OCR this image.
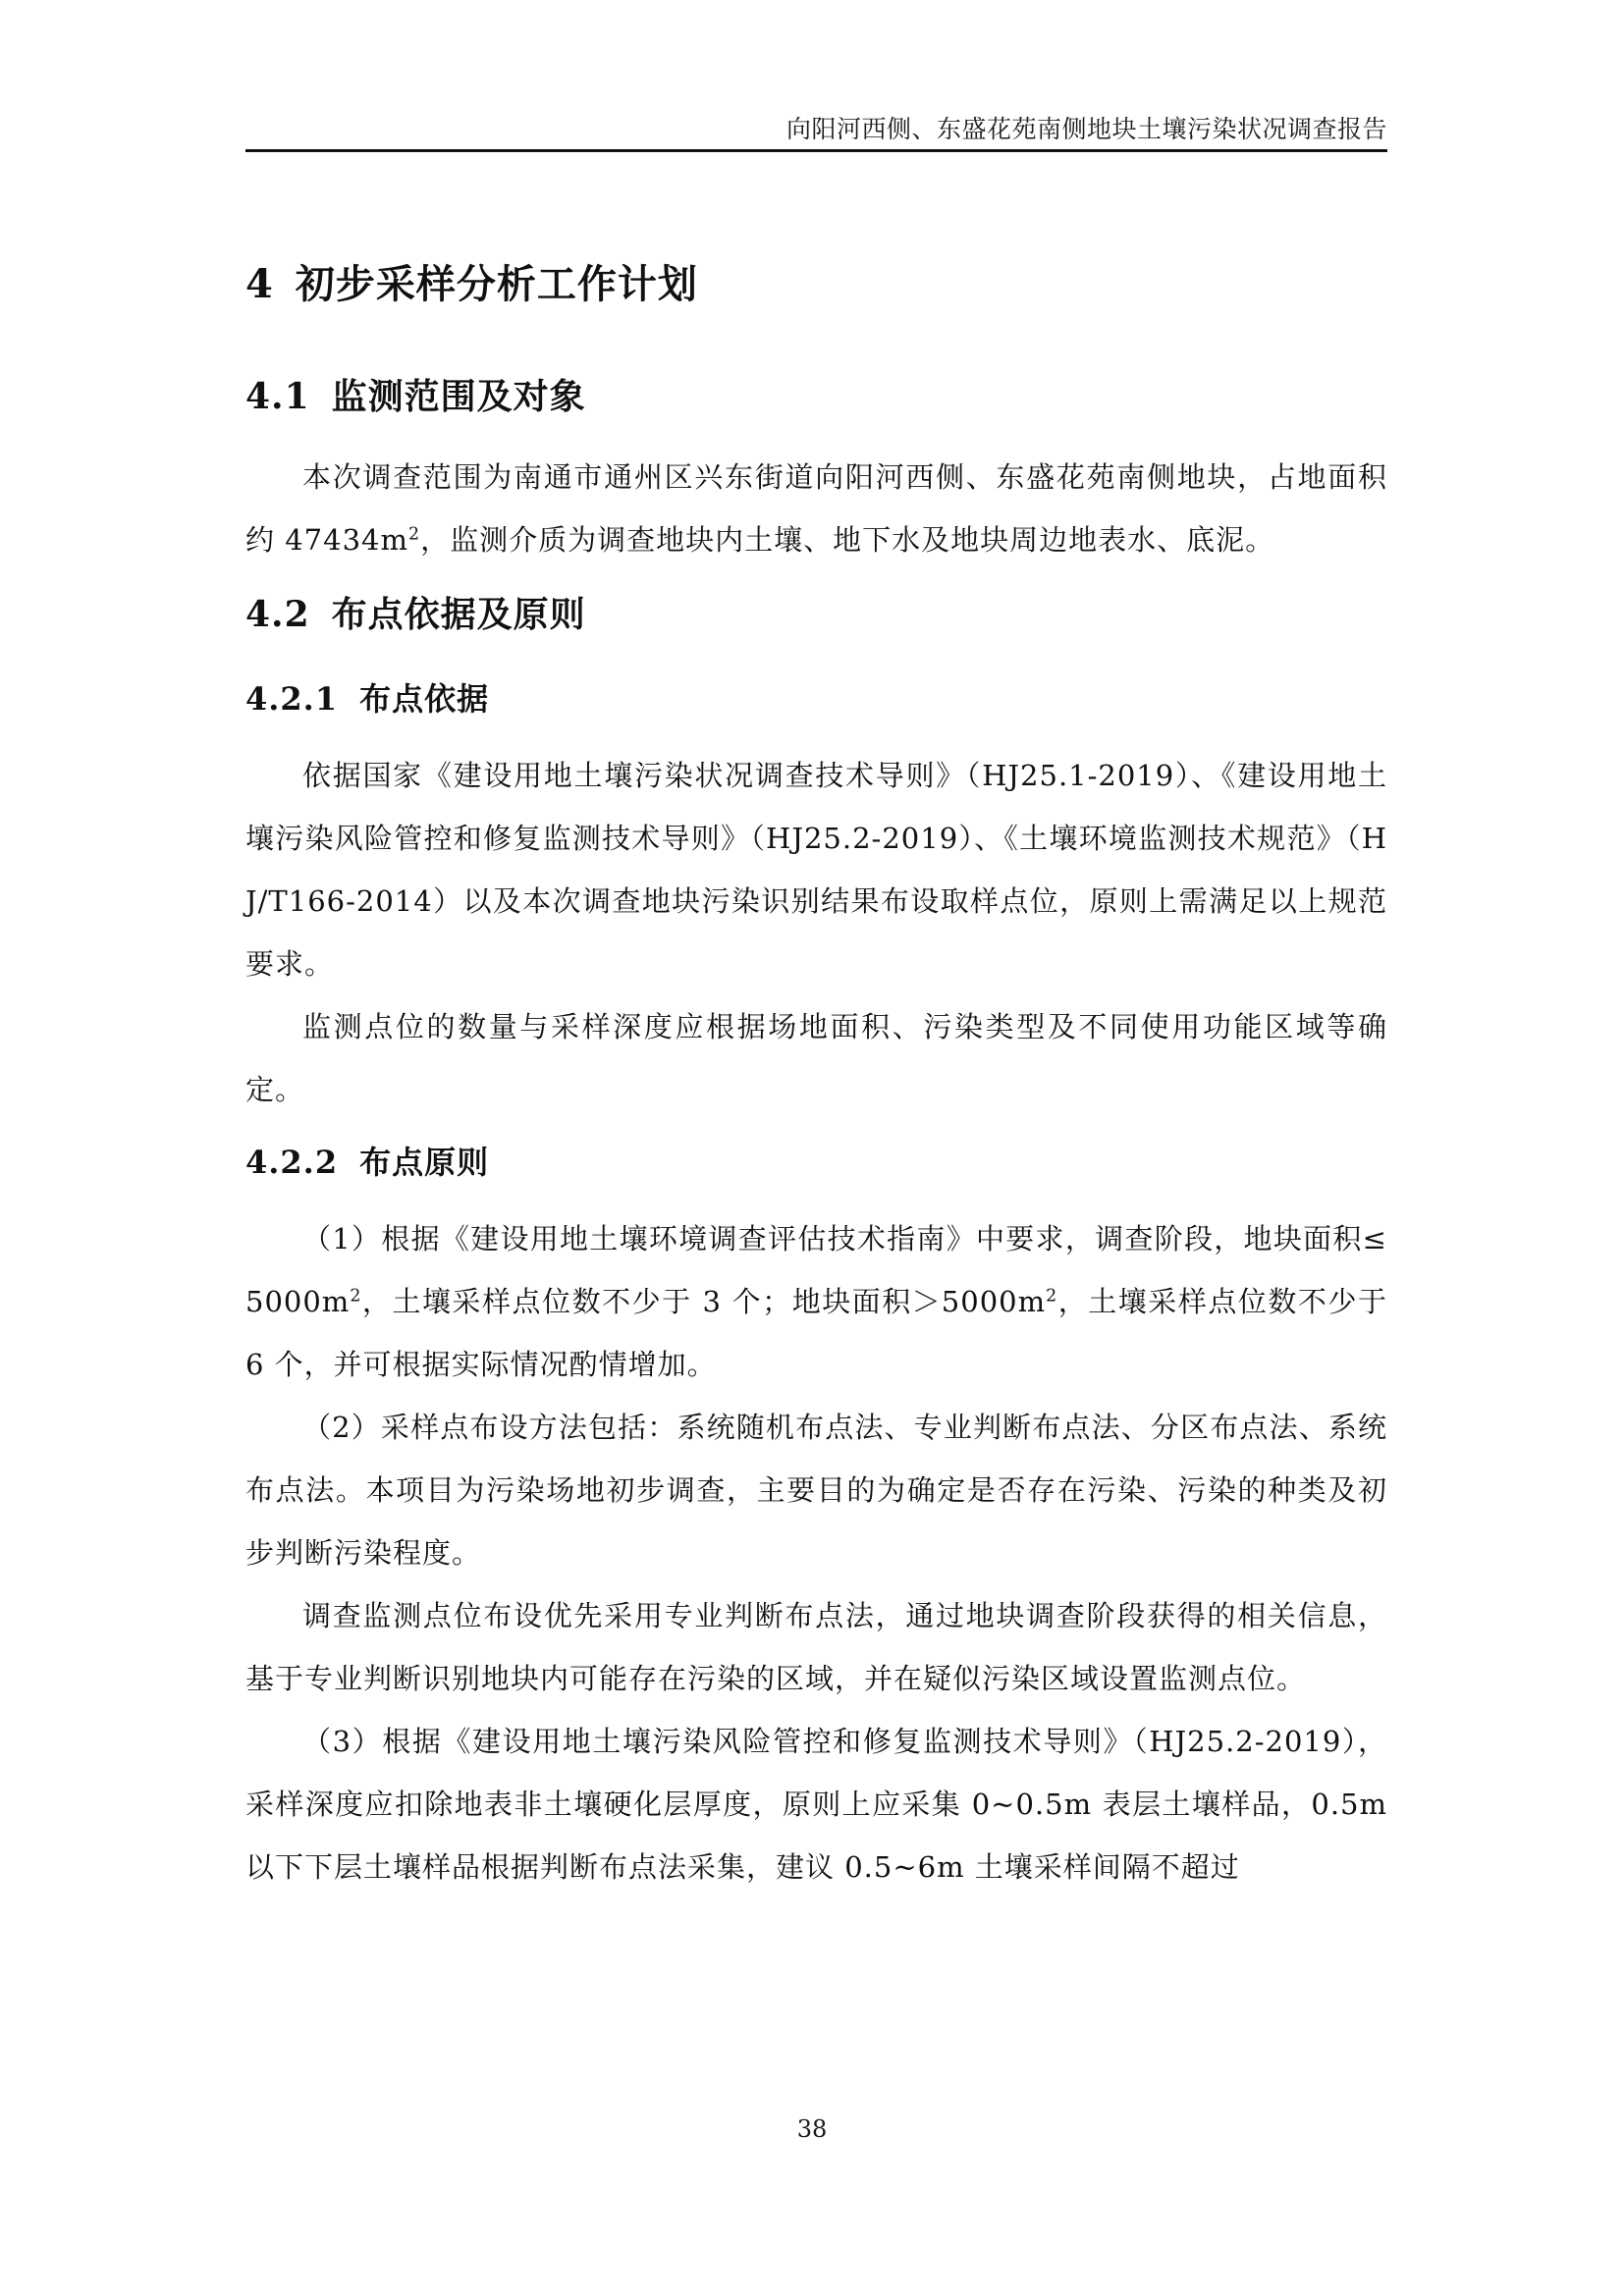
向阳河西侧、东盛花苑南侧地块土壤污染状况调查报告
4 初步采样分析工作计划
4.1 监测范围及对象

本次调查范围为南通市通州区兴东街道向阳河西侧、东盛花苑南侧地块，占地面积约 $47434m^2$，监测介质为调查地块内土壤、地下水及地块周边地表水、底泥。

4.2 布点依据及原则
4.2.1 布点依据

依据国家《建设用地土壤污染状况调查技术导则》（HJ25.1-2019）、《建设用地土壤污染风险管控和修复监测技术导则》（HJ25.2-2019）、《土壤环境监测技术规范》（HJ/T166-2014）以及本次调查地块污染识别结果布设取样点位，原则上需满足以上规范要求。

监测点位的数量与采样深度应根据场地面积、污染类型及不同使用功能区域等确定。

4.2.2 布点原则

（1）根据《建设用地土壤环境调查评估技术指南》中要求，调查阶段，地块面积$\le 5000m^2$，土壤采样点位数不少于 3 个；地块面积$>5000m^2$，土壤采样点位数不少于 6 个，并可根据实际情况酌情增加。

（2）采样点布设方法包括：系统随机布点法、专业判断布点法、分区布点法、系统布点法。本项目为污染场地初步调查，主要目的为确定是否存在污染、污染的种类及初步判断污染程度。

调查监测点位布设优先采用专业判断布点法，通过地块调查阶段获得的相关信息，基于专业判断识别地块内可能存在污染的区域，并在疑似污染区域设置监测点位。

（3）根据《建设用地土壤污染风险管控和修复监测技术导则》（HJ25.2-2019），采样深度应扣除地表非土壤硬化层厚度，原则上应采集 0~0.5m 表层土壤样品，0.5m 以下下层土壤样品根据判断布点法采集，建议 0.5~6m 土壤采样间隔不超过

38
